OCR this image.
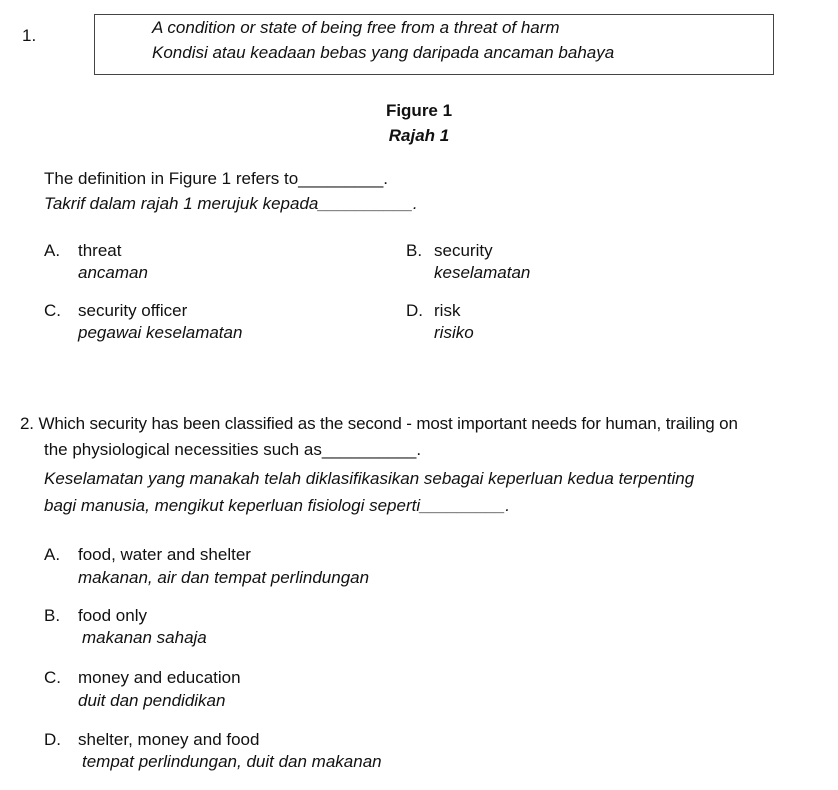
1.	A condition or state of being free from a threat of harm
Kondisi atau keadaan bebas yang daripada ancaman bahaya
Figure 1
Rajah 1
The definition in Figure 1 refers to_________.
Takrif dalam rajah 1 merujuk kepada__________.
A. threat
ancaman
B. security
keselamatan
C. security officer
pegawai keselamatan
D. risk
risiko
2. Which security has been classified as the second - most important needs for human, trailing on
the physiological necessities such as__________.
Keselamatan yang manakah telah diklasifikasikan sebagai keperluan kedua terpenting
bagi manusia, mengikut keperluan fisiologi seperti_________.
A. food, water and shelter
makanan, air dan tempat perlindungan
B. food only
makanan sahaja
C. money and education
duit dan pendidikan
D. shelter, money and food
tempat perlindungan, duit dan makanan
